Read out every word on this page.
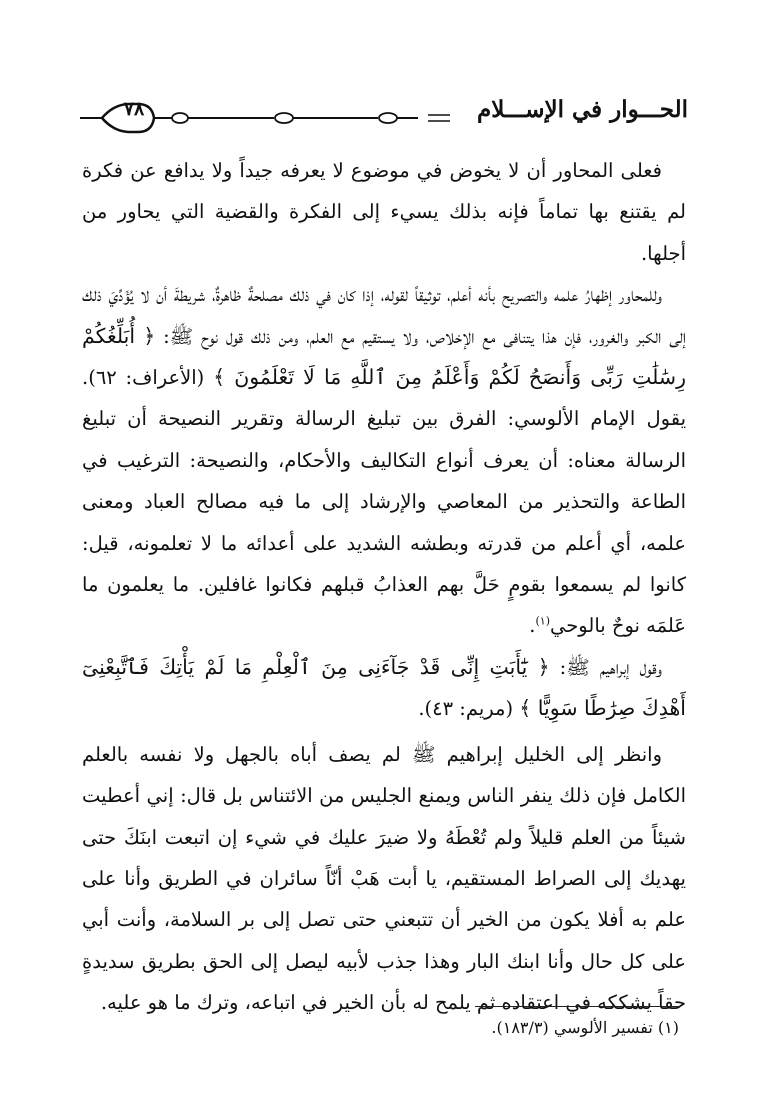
٧٨	الحـــوار في الإســـلام

فعلى المحاور أن لا يخوض في موضوع لا يعرفه جيداً ولا يدافع عن فكرة لم يقتنع بها تماماً فإنه بذلك يسيء إلى الفكرة والقضية التي يحاور من أجلها.

وللمحاور إظهارُ علمه والتصريح بأنه أعلم، توثيقاً لقوله، إذا كان في ذلك مصلحةٌ ظاهرةٌ، شريطةَ أن لا يُؤَدِّيَ ذلك إلى الكبر والغرور، فإن هذا يتنافى مع الإخلاص، ولا يستقيم مع العلم، ومن ذلك قول نوح ﷺ: ﴿ أُبَلِّغُكُمْ رِسَٰلَٰتِ رَبِّى وَأَنصَحُ لَكُمْ وَأَعْلَمُ مِنَ ٱللَّهِ مَا لَا تَعْلَمُونَ ﴾ (الأعراف: ٦٢). يقول الإمام الألوسي: الفرق بين تبليغ الرسالة وتقرير النصيحة أن تبليغ الرسالة معناه: أن يعرف أنواع التكاليف والأحكام، والنصيحة: الترغيب في الطاعة والتحذير من المعاصي والإرشاد إلى ما فيه مصالح العباد ومعنى علمه، أي أعلم من قدرته وبطشه الشديد على أعدائه ما لا تعلمونه، قيل: كانوا لم يسمعوا بقومٍ حَلَّ بهم العذابُ قبلهم فكانوا غافلين. ما يعلمون ما عَلمَه نوحٌ بالوحي$^{(١)}$.

وقول إبراهيم ﷺ: ﴿ يَٰٓأَبَتِ إِنِّى قَدْ جَآءَنِى مِنَ ٱلْعِلْمِ مَا لَمْ يَأْتِكَ فَٱتَّبِعْنِىٓ أَهْدِكَ صِرَٰطًا سَوِيًّا ﴾ (مريم: ٤٣).

وانظر إلى الخليل إبراهيم ﷺ لم يصف أباه بالجهل ولا نفسه بالعلم الكامل فإن ذلك ينفر الناس ويمنع الجليس من الائتناس بل قال: إني أعطيت شيئاً من العلم قليلاً ولم تُعْطَهُ ولا ضيرَ عليك في شيء إن اتبعت ابنَكَ حتى يهديك إلى الصراط المستقيم، يا أبت هَبْ أنّاً سائران في الطريق وأنا على علم به أفلا يكون من الخير أن تتبعني حتى تصل إلى بر السلامة، وأنت أبي على كل حال وأنا ابنك البار وهذا جذب لأبيه ليصل إلى الحق بطريق سديدةٍ حقاً يشككه في اعتقاده ثم يلمح له بأن الخير في اتباعه، وترك ما هو عليه.

(١) تفسير الألوسي (١٨٣/٣).
